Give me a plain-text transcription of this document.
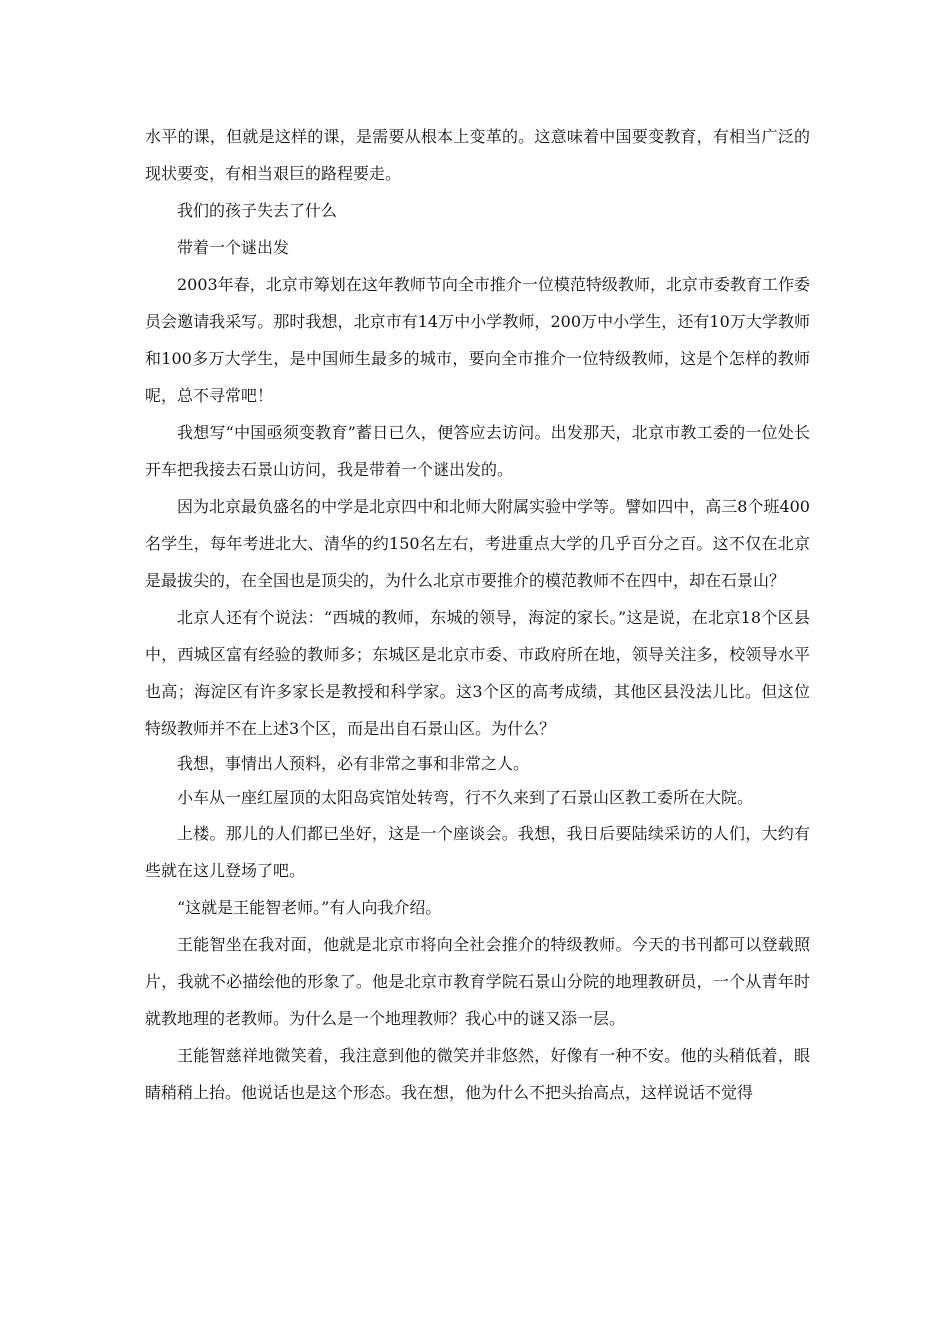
水平的课，但就是这样的课，是需要从根本上变革的。这意味着中国要变教育，有相当广泛的现状要变，有相当艰巨的路程要走。

我们的孩子失去了什么

带着一个谜出发

2003年春，北京市筹划在这年教师节向全市推介一位模范特级教师，北京市委教育工作委员会邀请我采写。那时我想，北京市有14万中小学教师，200万中小学生，还有10万大学教师和100多万大学生，是中国师生最多的城市，要向全市推介一位特级教师，这是个怎样的教师呢，总不寻常吧！

我想写“中国亟须变教育”蓄日已久，便答应去访问。出发那天，北京市教工委的一位处长开车把我接去石景山访问，我是带着一个谜出发的。

因为北京最负盛名的中学是北京四中和北师大附属实验中学等。譬如四中，高三8个班400名学生，每年考进北大、清华的约150名左右，考进重点大学的几乎百分之百。这不仅在北京是最拔尖的，在全国也是顶尖的，为什么北京市要推介的模范教师不在四中，却在石景山？

北京人还有个说法：“西城的教师，东城的领导，海淀的家长。”这是说，在北京18个区县中，西城区富有经验的教师多；东城区是北京市委、市政府所在地，领导关注多，校领导水平也高；海淀区有许多家长是教授和科学家。这3个区的高考成绩，其他区县没法儿比。但这位特级教师并不在上述3个区，而是出自石景山区。为什么？

我想，事情出人预料，必有非常之事和非常之人。

小车从一座红屋顶的太阳岛宾馆处转弯，行不久来到了石景山区教工委所在大院。

上楼。那儿的人们都已坐好，这是一个座谈会。我想，我日后要陆续采访的人们，大约有些就在这儿登场了吧。

“这就是王能智老师。”有人向我介绍。

王能智坐在我对面，他就是北京市将向全社会推介的特级教师。今天的书刊都可以登载照片，我就不必描绘他的形象了。他是北京市教育学院石景山分院的地理教研员，一个从青年时就教地理的老教师。为什么是一个地理教师？我心中的谜又添一层。

王能智慈祥地微笑着，我注意到他的微笑并非悠然，好像有一种不安。他的头稍低着，眼睛稍稍上抬。他说话也是这个形态。我在想，他为什么不把头抬高点，这样说话不觉得
